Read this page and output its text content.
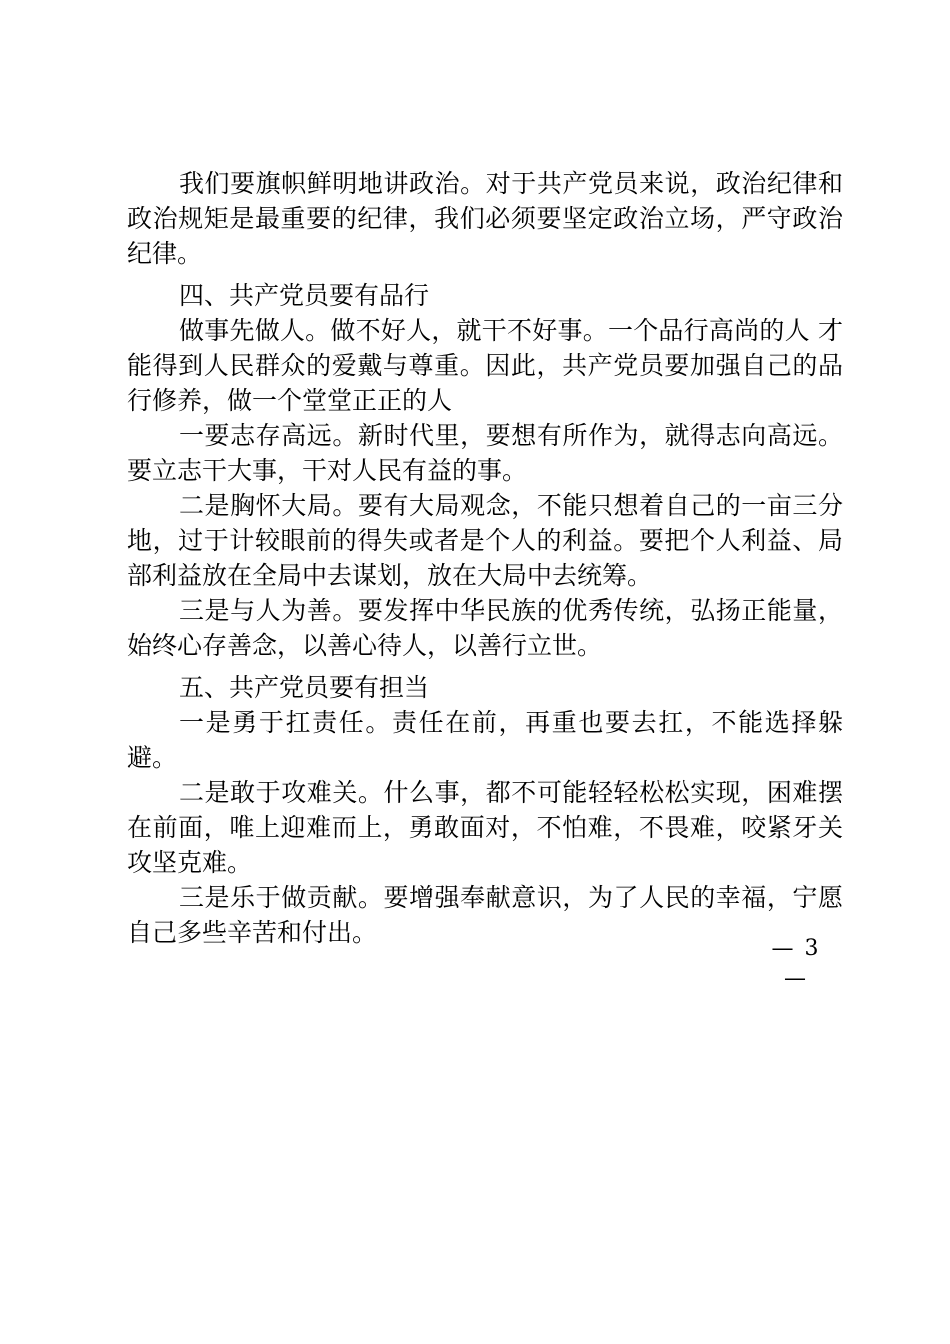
我们要旗帜鲜明地讲政治。对于共产党员来说，政治纪律和政治规矩是最重要的纪律，我们必须要坚定政治立场，严守政治纪律。

四、共产党员要有品行

做事先做人。做不好人，就干不好事。一个品行高尚的人 才能得到人民群众的爱戴与尊重。因此，共产党员要加强自己的品行修养，做一个堂堂正正的人

一要志存高远。新时代里，要想有所作为，就得志向高远。要立志干大事，干对人民有益的事。

二是胸怀大局。要有大局观念，不能只想着自己的一亩三分地，过于计较眼前的得失或者是个人的利益。要把个人利益、局部利益放在全局中去谋划，放在大局中去统筹。

三是与人为善。要发挥中华民族的优秀传统，弘扬正能量，始终心存善念，以善心待人，以善行立世。

五、共产党员要有担当

一是勇于扛责任。责任在前，再重也要去扛，不能选择躲避。

二是敢于攻难关。什么事，都不可能轻轻松松实现，困难摆在前面，唯上迎难而上，勇敢面对，不怕难，不畏难，咬紧牙关攻坚克难。

三是乐于做贡献。要增强奉献意识，为了人民的幸福，宁愿自己多些辛苦和付出。

— 3 —
